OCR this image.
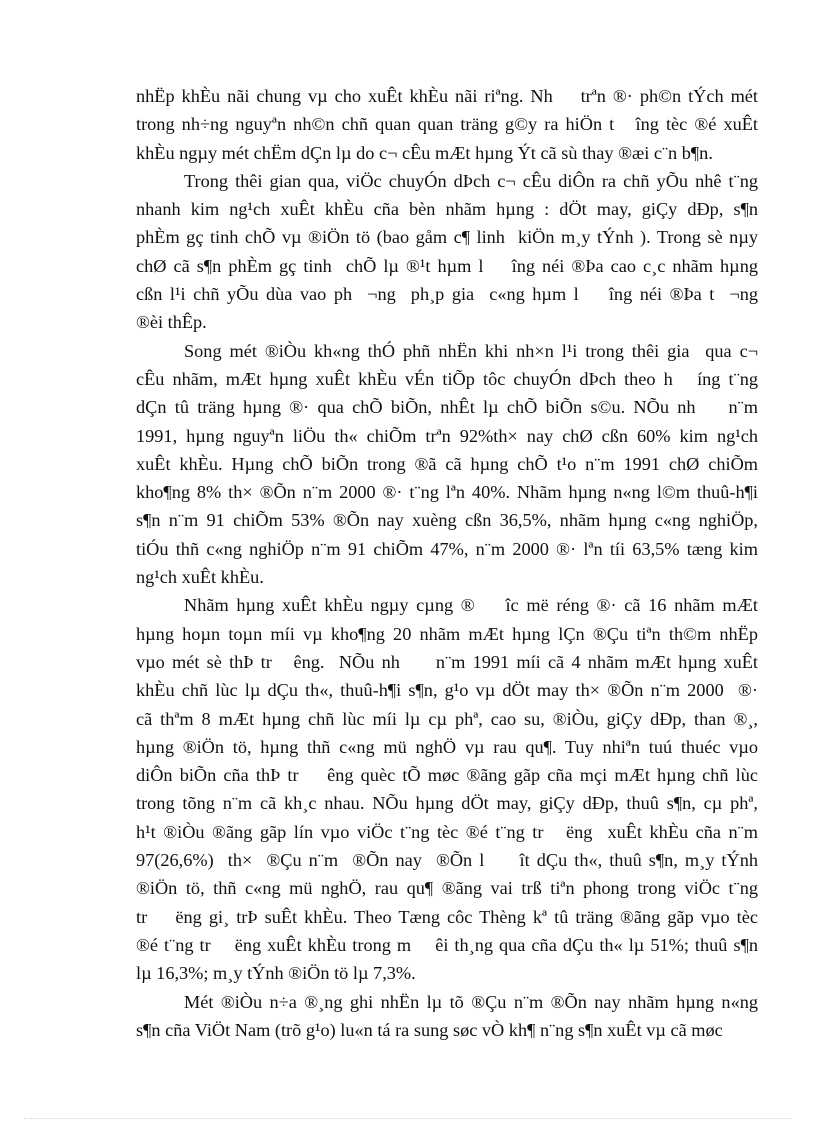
nhËp khÈu nãi chung vµ cho xuÊt khÈu nãi riªng. Nh    trªn ®· ph©n tÝch mét
trong nh÷ng nguyªn nh©n chñ quan quan träng g©y ra hiÖn t   îng tèc ®é xuÊt
khÈu ngµy mét chËm dÇn lµ do c¬ cÊu mÆt hµng Ýt cã sù thay ®æi c¨n b¶n.
Trong thêi gian qua, viÖc chuyÓn dÞch c¬ cÊu diÔn ra chñ yÕu nhê t¨ng
nhanh kim ng¹ch xuÊt khÈu cña bèn nhãm hµng : dÖt may, giÇy dÐp, s¶n
phÈm gç tinh chÕ vµ ®iÖn tö (bao gåm c¶ linh  kiÖn m¸y tÝnh ). Trong sè nµy
chØ cã s¶n phÈm gç tinh  chÕ lµ ®¹t hµm l    îng néi ®Þa cao c¸c nhãm hµng
cßn l¹i chñ yÕu dùa vao ph  ¬ng  ph¸p gia  c«ng hµm l    îng néi ®Þa t  ¬ng
®èi thÊp.
Song mét ®iÒu kh«ng thÓ phñ nhËn khi nh×n l¹i trong thêi gia  qua c¬
cÊu nhãm, mÆt hµng xuÊt khÈu vÉn tiÕp tôc chuyÓn dÞch theo h   íng t¨ng
dÇn tû träng hµng ®· qua chÕ biÕn, nhÊt lµ chÕ biÕn s©u. NÕu nh    n¨m
1991, hµng nguyªn liÖu th« chiÕm trªn 92%th× nay chØ cßn 60% kim ng¹ch
xuÊt khÈu. Hµng chÕ biÕn trong ®ã cã hµng chÕ t¹o n¨m 1991 chØ chiÕm
kho¶ng 8% th× ®Õn n¨m 2000 ®· t¨ng lªn 40%. Nhãm hµng n«ng l©m thuû-h¶i
s¶n n¨m 91 chiÕm 53% ®Õn nay xuèng cßn 36,5%, nhãm hµng c«ng nghiÖp,
tiÓu thñ c«ng nghiÖp n¨m 91 chiÕm 47%, n¨m 2000 ®· lªn tíi 63,5% tæng kim
ng¹ch xuÊt khÈu.
Nhãm hµng xuÊt khÈu ngµy cµng ®    îc më réng ®· cã 16 nhãm mÆt
hµng hoµn toµn míi vµ kho¶ng 20 nhãm mÆt hµng lÇn ®Çu tiªn th©m nhËp
vµo mét sè thÞ tr   êng.  NÕu nh     n¨m 1991 míi cã 4 nhãm mÆt hµng xuÊt
khÈu chñ lùc lµ dÇu th«, thuû-h¶i s¶n, g¹o vµ dÖt may th× ®Õn n¨m 2000  ®·
cã thªm 8 mÆt hµng chñ lùc míi lµ cµ phª, cao su, ®iÒu, giÇy dÐp, than ®¸,
hµng ®iÖn tö, hµng thñ c«ng mü nghÖ vµ rau qu¶. Tuy nhiªn tuú thuéc vµo
diÔn biÕn cña thÞ tr    êng quèc tÕ møc ®ãng gãp cña mçi mÆt hµng chñ lùc
trong tõng n¨m cã kh¸c nhau. NÕu hµng dÖt may, giÇy dÐp, thuû s¶n, cµ phª,
h¹t ®iÒu ®ãng gãp lín vµo viÖc t¨ng tèc ®é t¨ng tr   ëng  xuÊt khÈu cña n¨m
97(26,6%)  th×  ®Çu n¨m  ®Õn nay  ®Õn l     ît dÇu th«, thuû s¶n, m¸y tÝnh
®iÖn tö, thñ c«ng mü nghÖ, rau qu¶ ®ãng vai trß tiªn phong trong viÖc t¨ng
tr    ëng gi¸ trÞ suÊt khÈu. Theo Tæng côc Thèng kª tû träng ®ãng gãp vµo tèc
®é t¨ng tr    ëng xuÊt khÈu trong m    êi th¸ng qua cña dÇu th« lµ 51%; thuû s¶n
lµ 16,3%; m¸y tÝnh ®iÖn tö lµ 7,3%.
Mét ®iÒu n÷a ®¸ng ghi nhËn lµ tõ ®Çu n¨m ®Õn nay nhãm hµng n«ng
s¶n cña ViÖt Nam (trõ g¹o) lu«n tá ra sung søc vÒ kh¶ n¨ng s¶n xuÊt vµ cã møc
